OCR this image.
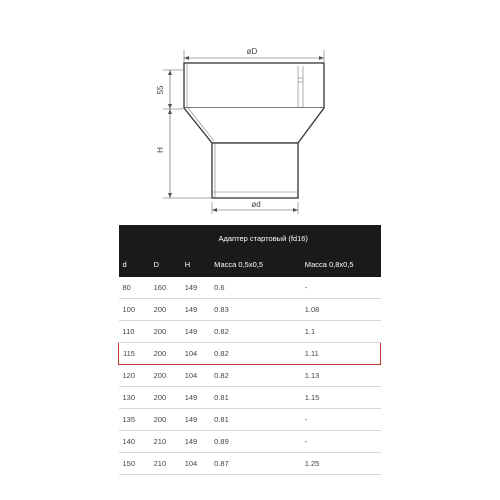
øD
ød
55
H
Адаптер стартовый (fd16)				
d	D	H	Масса 0,5х0,5	Масса 0,8х0,5
80	160	149	0.6	-
100	200	149	0.83	1.08
110	200	149	0.82	1.1
115	200	104	0.82	1.11
120	200	104	0.82	1.13
130	200	149	0.81	1.15
135	200	149	0.81	-
140	210	149	0.89	-
150	210	104	0.87	1.25
